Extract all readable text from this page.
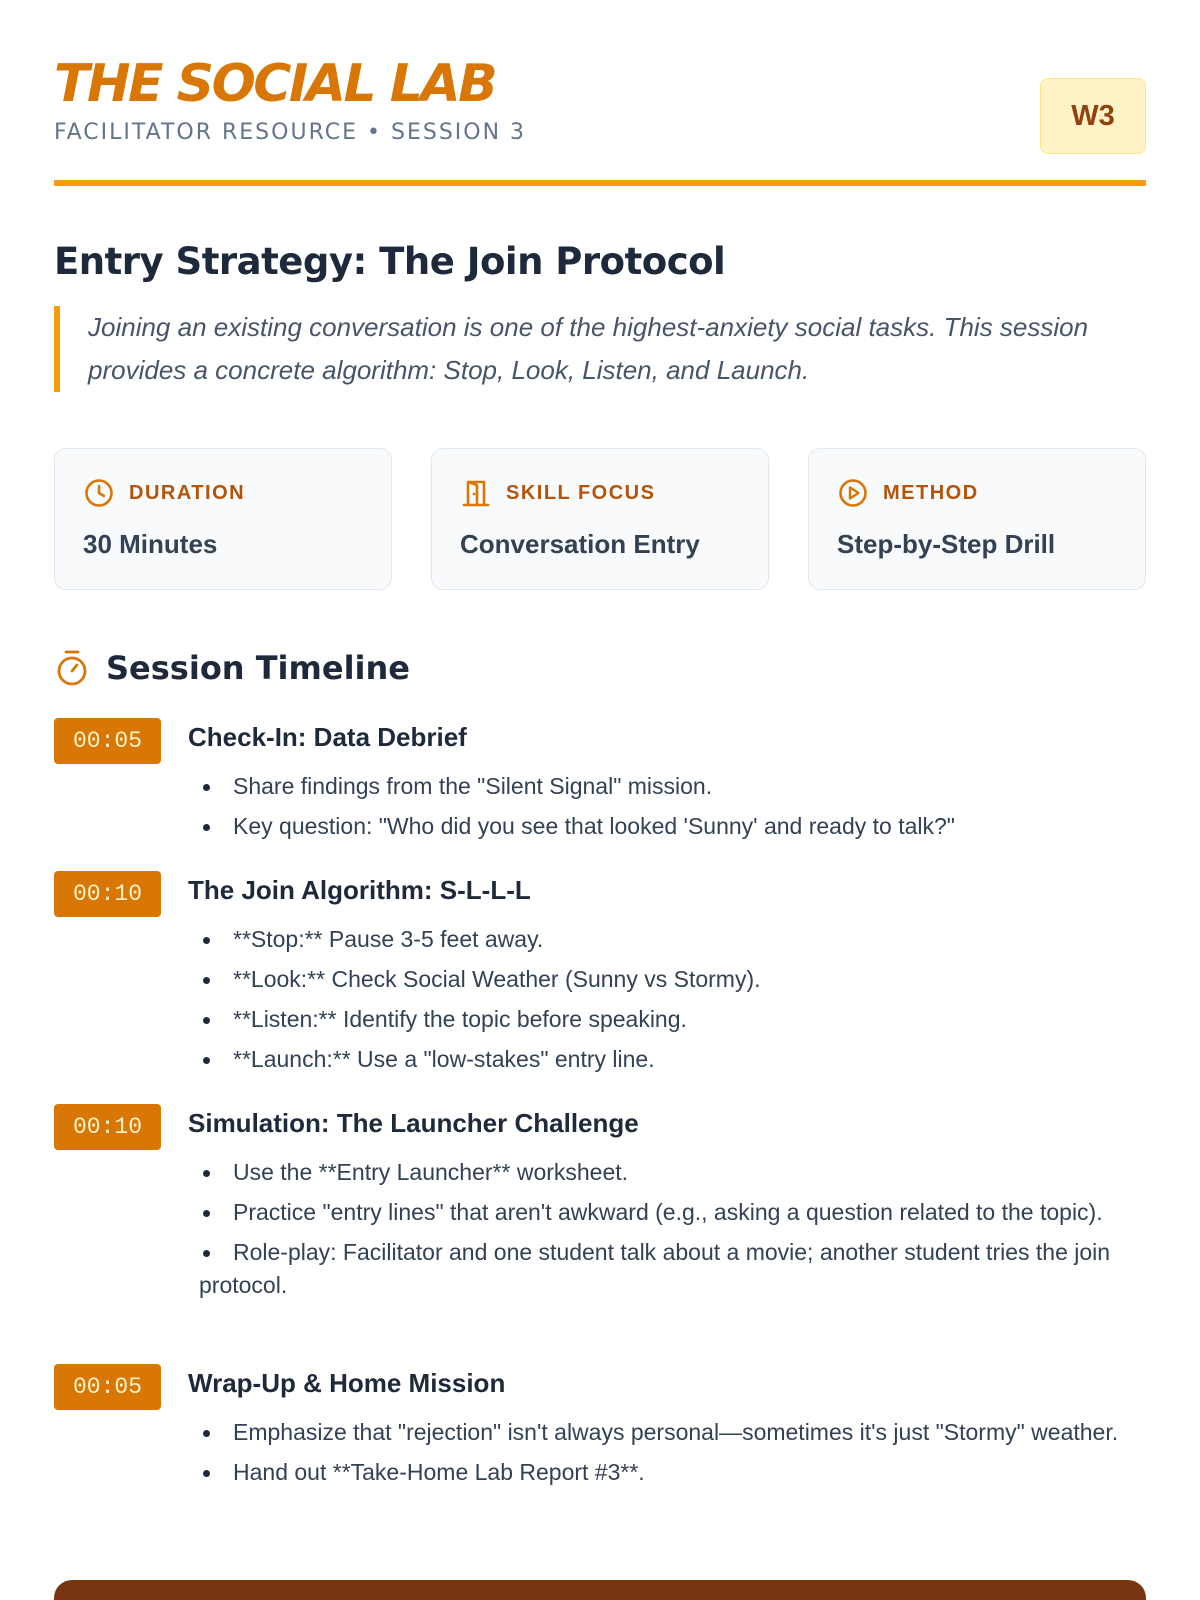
THE SOCIAL LAB
FACILITATOR RESOURCE • SESSION 3
W3
Entry Strategy: The Join Protocol
Joining an existing conversation is one of the highest-anxiety social tasks. This session provides a concrete algorithm: Stop, Look, Listen, and Launch.
DURATION
30 Minutes
SKILL FOCUS
Conversation Entry
METHOD
Step-by-Step Drill
Session Timeline
00:05	Check-In: Data Debrief
Share findings from the "Silent Signal" mission.
Key question: "Who did you see that looked 'Sunny' and ready to talk?"
00:10	The Join Algorithm: S-L-L-L
**Stop:** Pause 3-5 feet away.
**Look:** Check Social Weather (Sunny vs Stormy).
**Listen:** Identify the topic before speaking.
**Launch:** Use a "low-stakes" entry line.
00:10	Simulation: The Launcher Challenge
Use the **Entry Launcher** worksheet.
Practice "entry lines" that aren't awkward (e.g., asking a question related to the topic).
Role-play: Facilitator and one student talk about a movie; another student tries the join protocol.
00:05	Wrap-Up & Home Mission
Emphasize that "rejection" isn't always personal—sometimes it's just "Stormy" weather.
Hand out **Take-Home Lab Report #3**.
